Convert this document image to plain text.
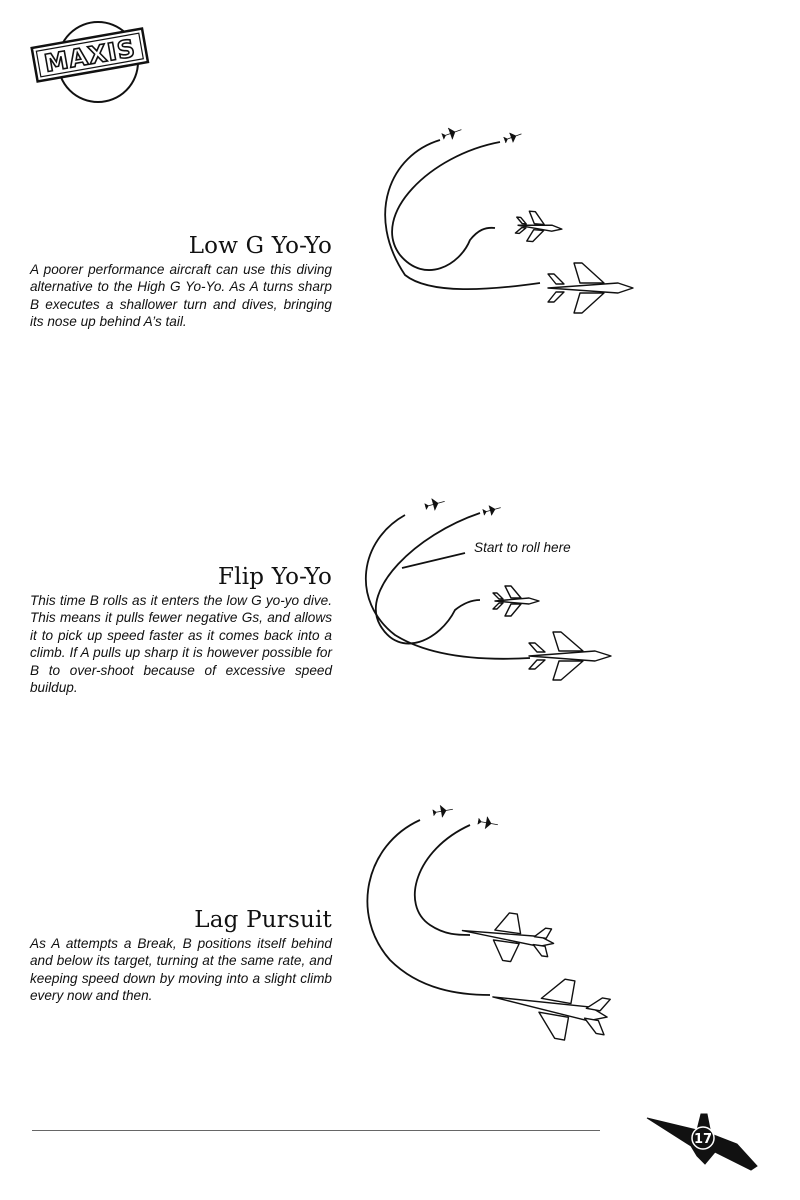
MAXIS
Low G Yo-Yo

A poorer performance aircraft can use this diving alternative to the High G Yo-Yo. As A turns sharp B executes a shallower turn and dives, bringing its nose up behind A’s tail.

Flip Yo-Yo

This time B rolls as it enters the low G yo-yo dive. This means it pulls fewer negative Gs, and allows it to pick up speed faster as it comes back into a climb. If A pulls up sharp it is however possible for B to over-shoot because of excessive speed buildup.

Start to roll here
Lag Pursuit

As A attempts a Break, B positions itself behind and below its target, turning at the same rate, and keeping speed down by moving into a slight climb every now and then.

17
